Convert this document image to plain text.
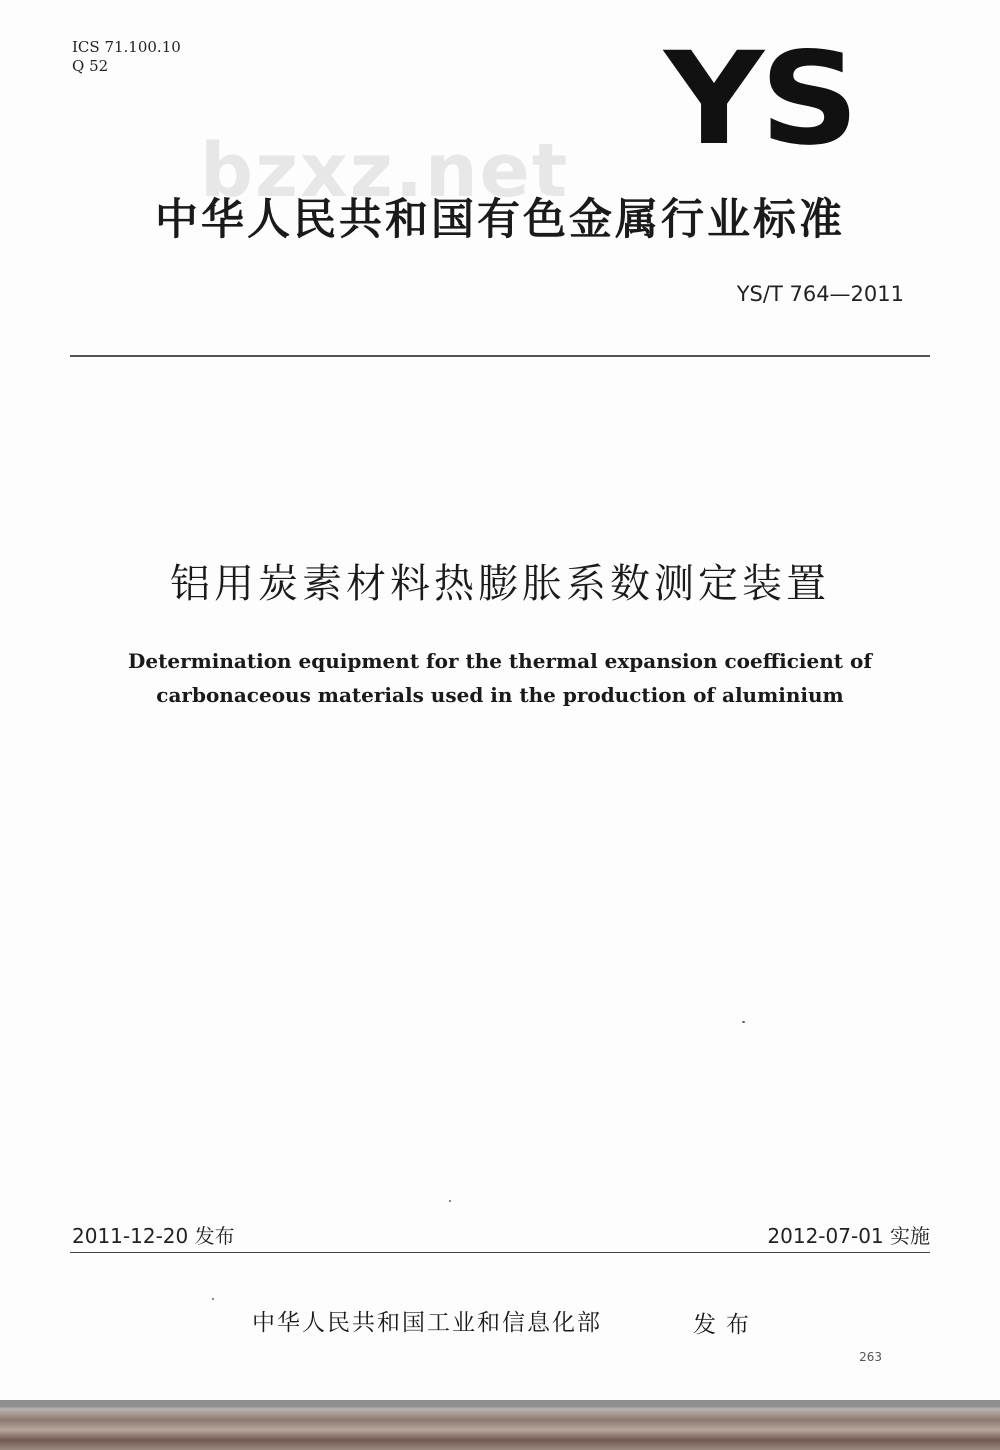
ICS 71.100.10
Q 52	YS
bzxz.net
中华人民共和国有色金属行业标准
YS/T 764—2011
铝用炭素材料热膨胀系数测定装置
Determination equipment for the thermal expansion coefficient of
carbonaceous materials used in the production of aluminium
2011-12-20 发布	2012-07-01 实施
中华人民共和国工业和信息化部	发布
263
